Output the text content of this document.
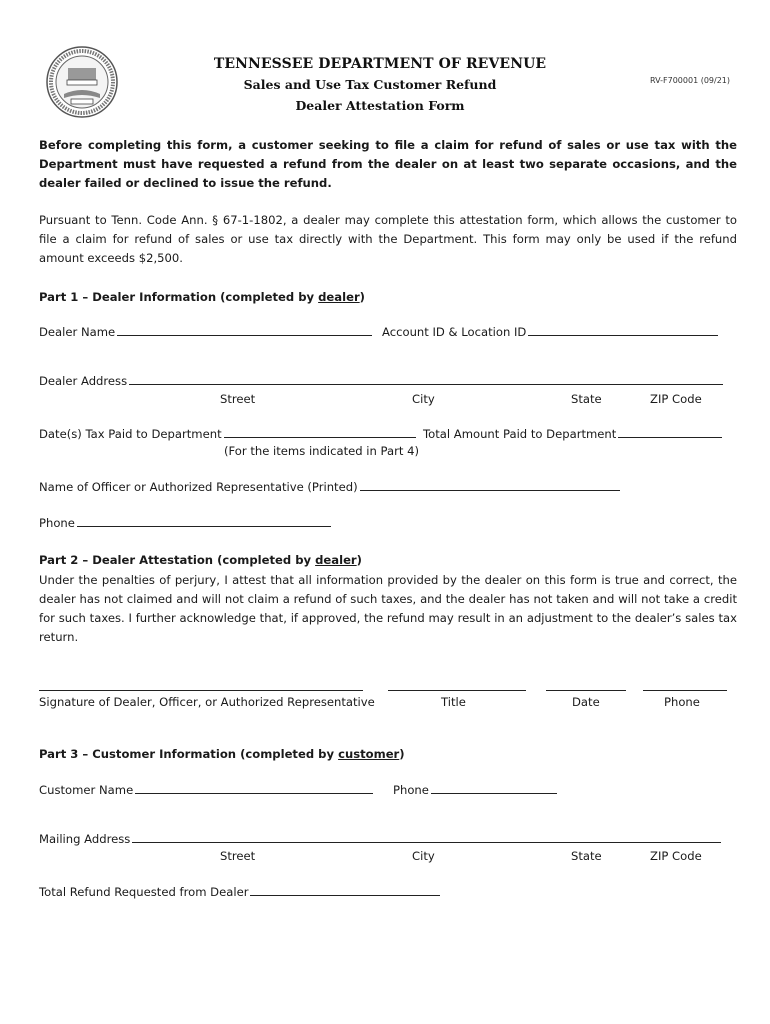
TENNESSEE DEPARTMENT OF REVENUE
Sales and Use Tax Customer Refund
Dealer Attestation Form
RV-F700001 (09/21)
Before completing this form, a customer seeking to file a claim for refund of sales or use tax with the Department must have requested a refund from the dealer on at least two separate occasions, and the dealer failed or declined to issue the refund.
Pursuant to Tenn. Code Ann. § 67-1-1802, a dealer may complete this attestation form, which allows the customer to file a claim for refund of sales or use tax directly with the Department. This form may only be used if the refund amount exceeds $2,500.
Part 1 – Dealer Information (completed by dealer)
Dealer Name	Account ID & Location ID
Dealer Address
Street	City	State	ZIP Code
Date(s) Tax Paid to Department	Total Amount Paid to Department
(For the items indicated in Part 4)
Name of Officer or Authorized Representative (Printed)
Phone
Part 2 – Dealer Attestation (completed by dealer)
Under the penalties of perjury, I attest that all information provided by the dealer on this form is true and correct, the dealer has not claimed and will not claim a refund of such taxes, and the dealer has not taken and will not take a credit for such taxes. I further acknowledge that, if approved, the refund may result in an adjustment to the dealer’s sales tax return.
Signature of Dealer, Officer, or Authorized Representative	Title	Date	Phone
Part 3 – Customer Information (completed by customer)
Customer Name	Phone
Mailing Address
Street	City	State	ZIP Code
Total Refund Requested from Dealer
